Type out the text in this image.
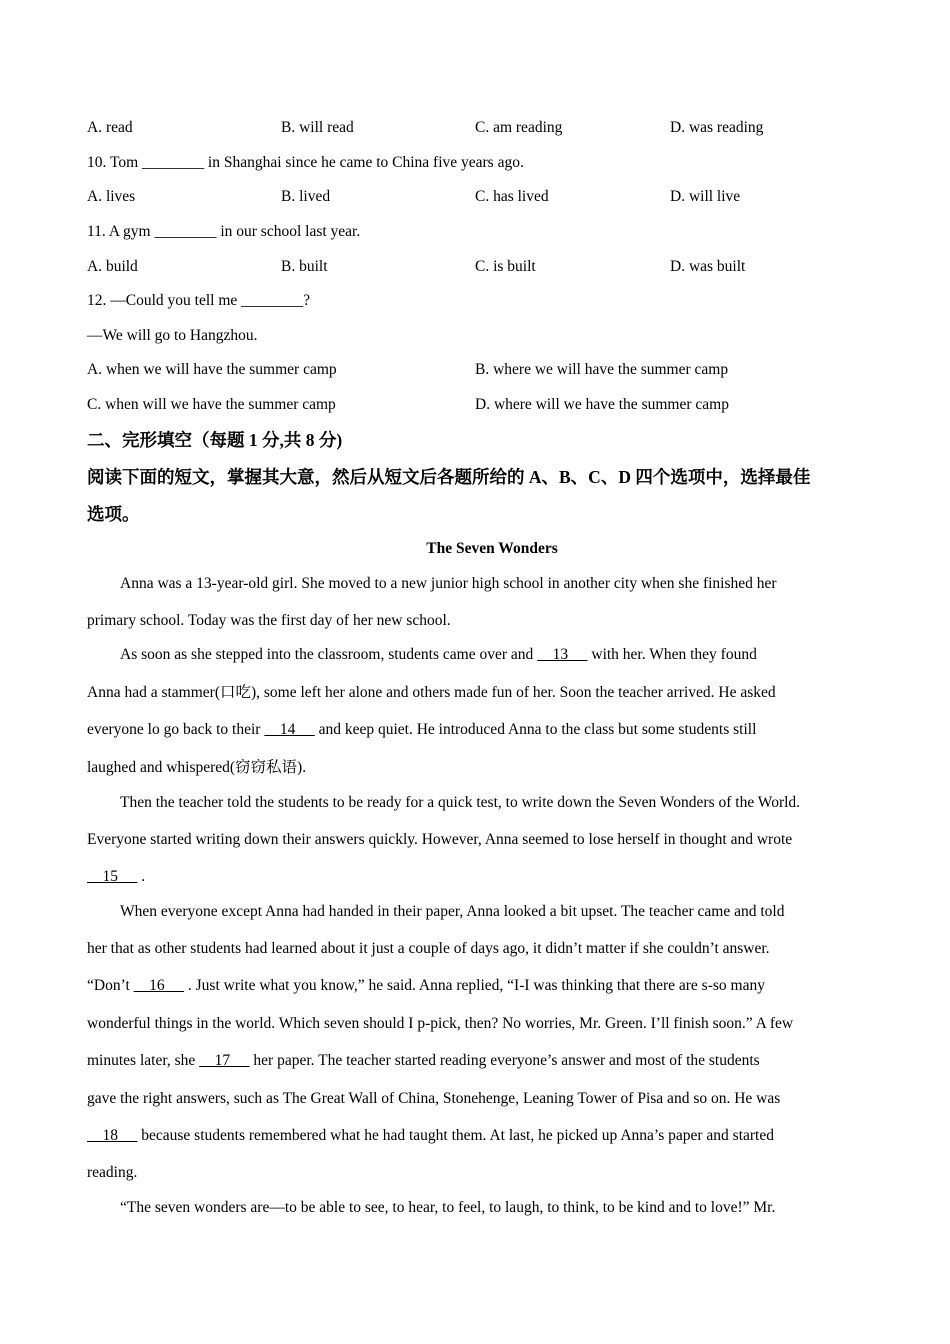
A. read	B. will read	C. am reading	D. was reading
10. Tom ________ in Shanghai since he came to China five years ago.
A. lives	B. lived	C. has lived	D. will live
11. A gym ________ in our school last year.
A. build	B. built	C. is built	D. was built
12. —Could you tell me ________?
—We will go to Hangzhou.
A. when we will have the summer camp	B. where we will have the summer camp
C. when will we have the summer camp	D. where will we have the summer camp
二、完形填空（每题 1 分,共 8 分)
阅读下面的短文，掌握其大意，然后从短文后各题所给的 A、B、C、D 四个选项中，选择最佳
选项。
The Seven Wonders
Anna was a 13-year-old girl. She moved to a new junior high school in another city when she finished her
primary school. Today was the first day of her new school.
As soon as she stepped into the classroom, students came over and     13      with her. When they found
Anna had a stammer(口吃), some left her alone and others made fun of her. Soon the teacher arrived. He asked
everyone lo go back to their     14      and keep quiet. He introduced Anna to the class but some students still
laughed and whispered(窃窃私语).
Then the teacher told the students to be ready for a quick test, to write down the Seven Wonders of the World.
Everyone started writing down their answers quickly. However, Anna seemed to lose herself in thought and wrote
15      .
When everyone except Anna had handed in their paper, Anna looked a bit upset. The teacher came and told
her that as other students had learned about it just a couple of days ago, it didn’t matter if she couldn’t answer.
“Don’t     16      . Just write what you know,” he said. Anna replied, “I-I was thinking that there are s-so many
wonderful things in the world. Which seven should I p-pick, then? No worries, Mr. Green. I’ll finish soon.” A few
minutes later, she     17      her paper. The teacher started reading everyone’s answer and most of the students
gave the right answers, such as The Great Wall of China, Stonehenge, Leaning Tower of Pisa and so on. He was
18      because students remembered what he had taught them. At last, he picked up Anna’s paper and started
reading.
“The seven wonders are—to be able to see, to hear, to feel, to laugh, to think, to be kind and to love!” Mr.
